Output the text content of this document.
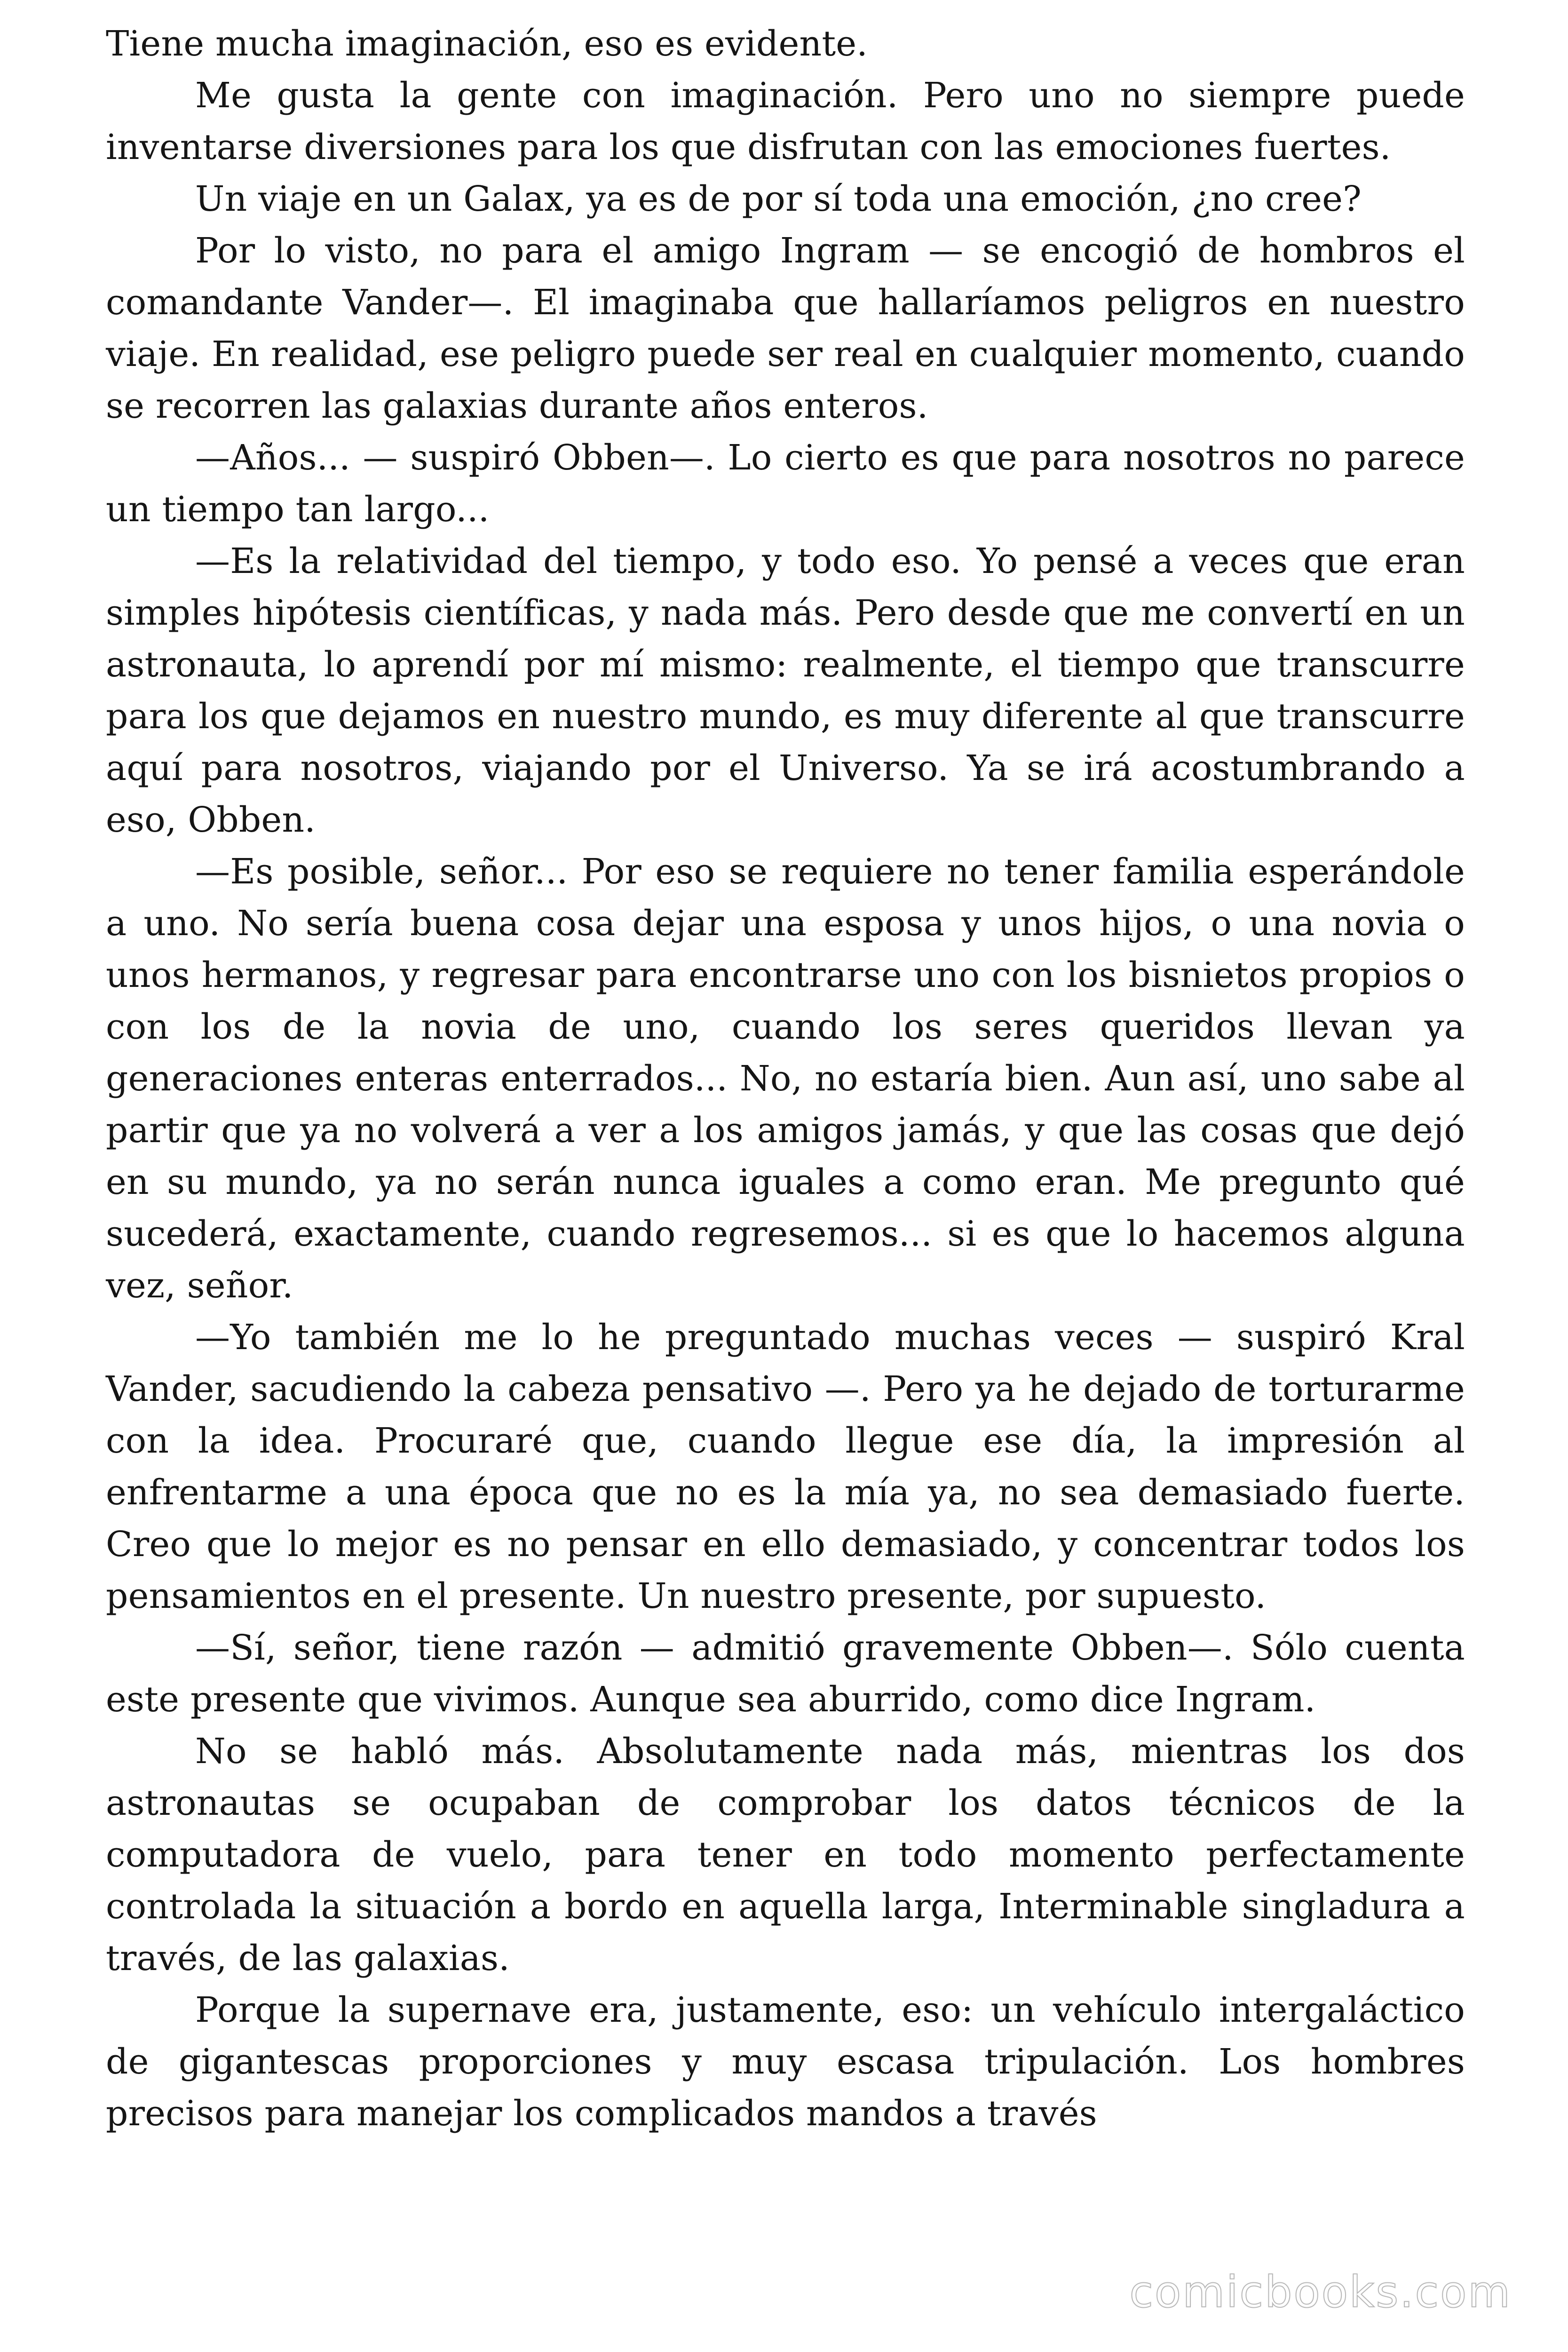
Tiene mucha imaginación, eso es evidente.

Me gusta la gente con imaginación. Pero uno no siempre puede inventarse diversiones para los que disfrutan con las emociones fuertes.

Un viaje en un Galax, ya es de por sí toda una emoción, ¿no cree?

Por lo visto, no para el amigo Ingram — se encogió de hombros el comandante Vander—. El imaginaba que hallaríamos peligros en nuestro viaje. En realidad, ese peligro puede ser real en cualquier momento, cuando se recorren las galaxias durante años enteros.

—Años... — suspiró Obben—. Lo cierto es que para nosotros no parece un tiempo tan largo...

—Es la relatividad del tiempo, y todo eso. Yo pensé a veces que eran simples hipótesis científicas, y nada más. Pero desde que me convertí en un astronauta, lo aprendí por mí mismo: realmente, el tiempo que transcurre para los que dejamos en nuestro mundo, es muy diferente al que transcurre aquí para nosotros, viajando por el Universo. Ya se irá acostumbrando a eso, Obben.

—Es posible, señor... Por eso se requiere no tener familia esperándole a uno. No sería buena cosa dejar una esposa y unos hijos, o una novia o unos hermanos, y regresar para encontrarse uno con los bisnietos propios o con los de la novia de uno, cuando los seres queridos llevan ya generaciones enteras enterrados... No, no estaría bien. Aun así, uno sabe al partir que ya no volverá a ver a los amigos jamás, y que las cosas que dejó en su mundo, ya no serán nunca iguales a como eran. Me pregunto qué sucederá, exactamente, cuando regresemos... si es que lo hacemos alguna vez, señor.

—Yo también me lo he preguntado muchas veces — suspiró Kral Vander, sacudiendo la cabeza pensativo —. Pero ya he dejado de torturarme con la idea. Procuraré que, cuando llegue ese día, la impresión al enfrentarme a una época que no es la mía ya, no sea demasiado fuerte. Creo que lo mejor es no pensar en ello demasiado, y concentrar todos los pensamientos en el presente. Un nuestro presente, por supuesto.

—Sí, señor, tiene razón — admitió gravemente Obben—. Sólo cuenta este presente que vivimos. Aunque sea aburrido, como dice Ingram.

No se habló más. Absolutamente nada más, mientras los dos astronautas se ocupaban de comprobar los datos técnicos de la computadora de vuelo, para tener en todo momento perfectamente controlada la situación a bordo en aquella larga, Interminable singladura a través, de las galaxias.

Porque la supernave era, justamente, eso: un vehículo intergaláctico de gigantescas proporciones y muy escasa tripulación. Los hombres precisos para manejar los complicados mandos a través

comicbooks.com
